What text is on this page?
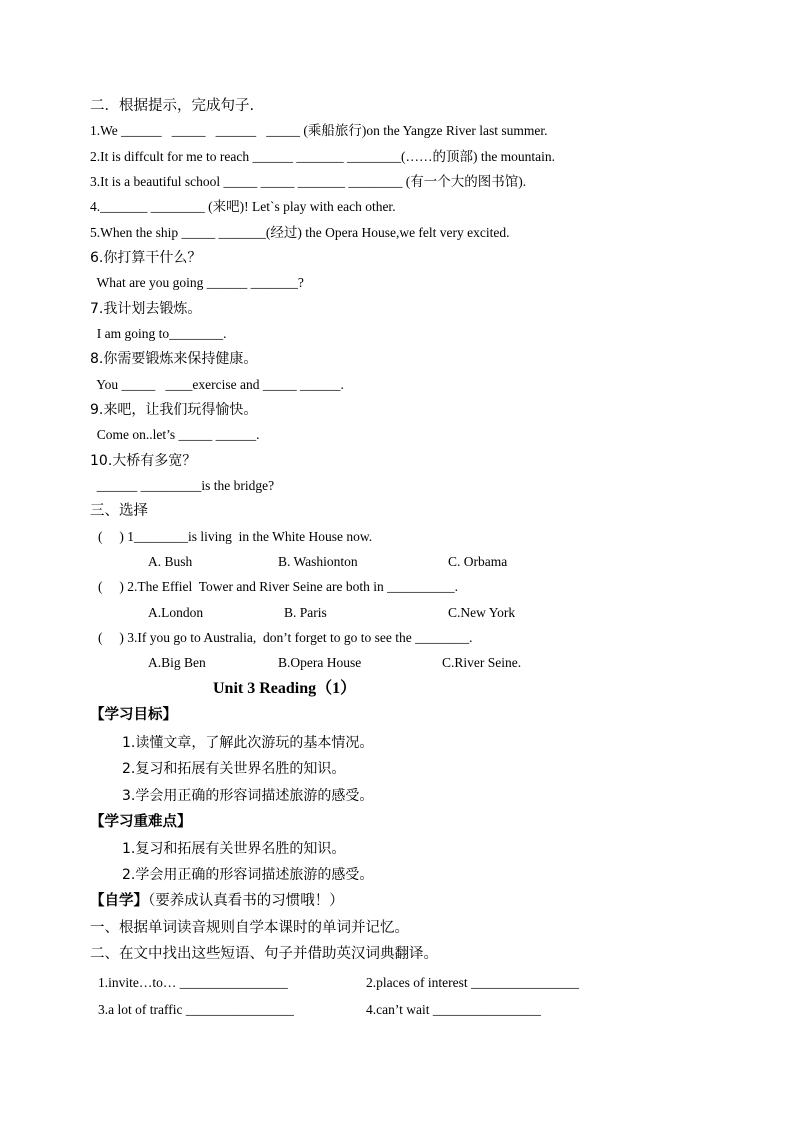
二．根据提示，完成句子.
1.We ______   _____   ______   _____ (乘船旅行)on the Yangze River last summer.
2.It is diffcult for me to reach ______ _______ ________(……的顶部) the mountain.
3.It is a beautiful school _____ _____ _______ ________ (有一个大的图书馆).
4._______ ________ (来吧)! Let`s play with each other.
5.When the ship _____ _______(经过) the Opera House,we felt very excited.
6.你打算干什么？
What are you going ______ _______?
7.我计划去锻炼。
I am going to________.
8.你需要锻炼来保持健康。
You _____   ____exercise and _____ ______.
9.来吧，让我们玩得愉快。
Come on..let’s _____ ______.
10.大桥有多宽？
______ _________is the bridge?
三、选择
(     ) 1________is living  in the White House now.
A. Bush	B. Washionton	C. Orbama
(     ) 2.The Effiel  Tower and River Seine are both in __________.
A.London	B. Paris	C.New York
(     ) 3.If you go to Australia,  don’t forget to go to see the ________.
A.Big Ben	B.Opera House	C.River Seine.
Unit 3 Reading（1）
【学习目标】
1.读懂文章，了解此次游玩的基本情况。
2.复习和拓展有关世界名胜的知识。
3.学会用正确的形容词描述旅游的感受。
【学习重难点】
1.复习和拓展有关世界名胜的知识。
2.学会用正确的形容词描述旅游的感受。
【自学】（要养成认真看书的习惯哦！）
一、根据单词读音规则自学本课时的单词并记忆。
二、在文中找出这些短语、句子并借助英汉词典翻译。
1.invite…to… ________________	2.places of interest ________________
3.a lot of traffic ________________	4.can’t wait ________________
